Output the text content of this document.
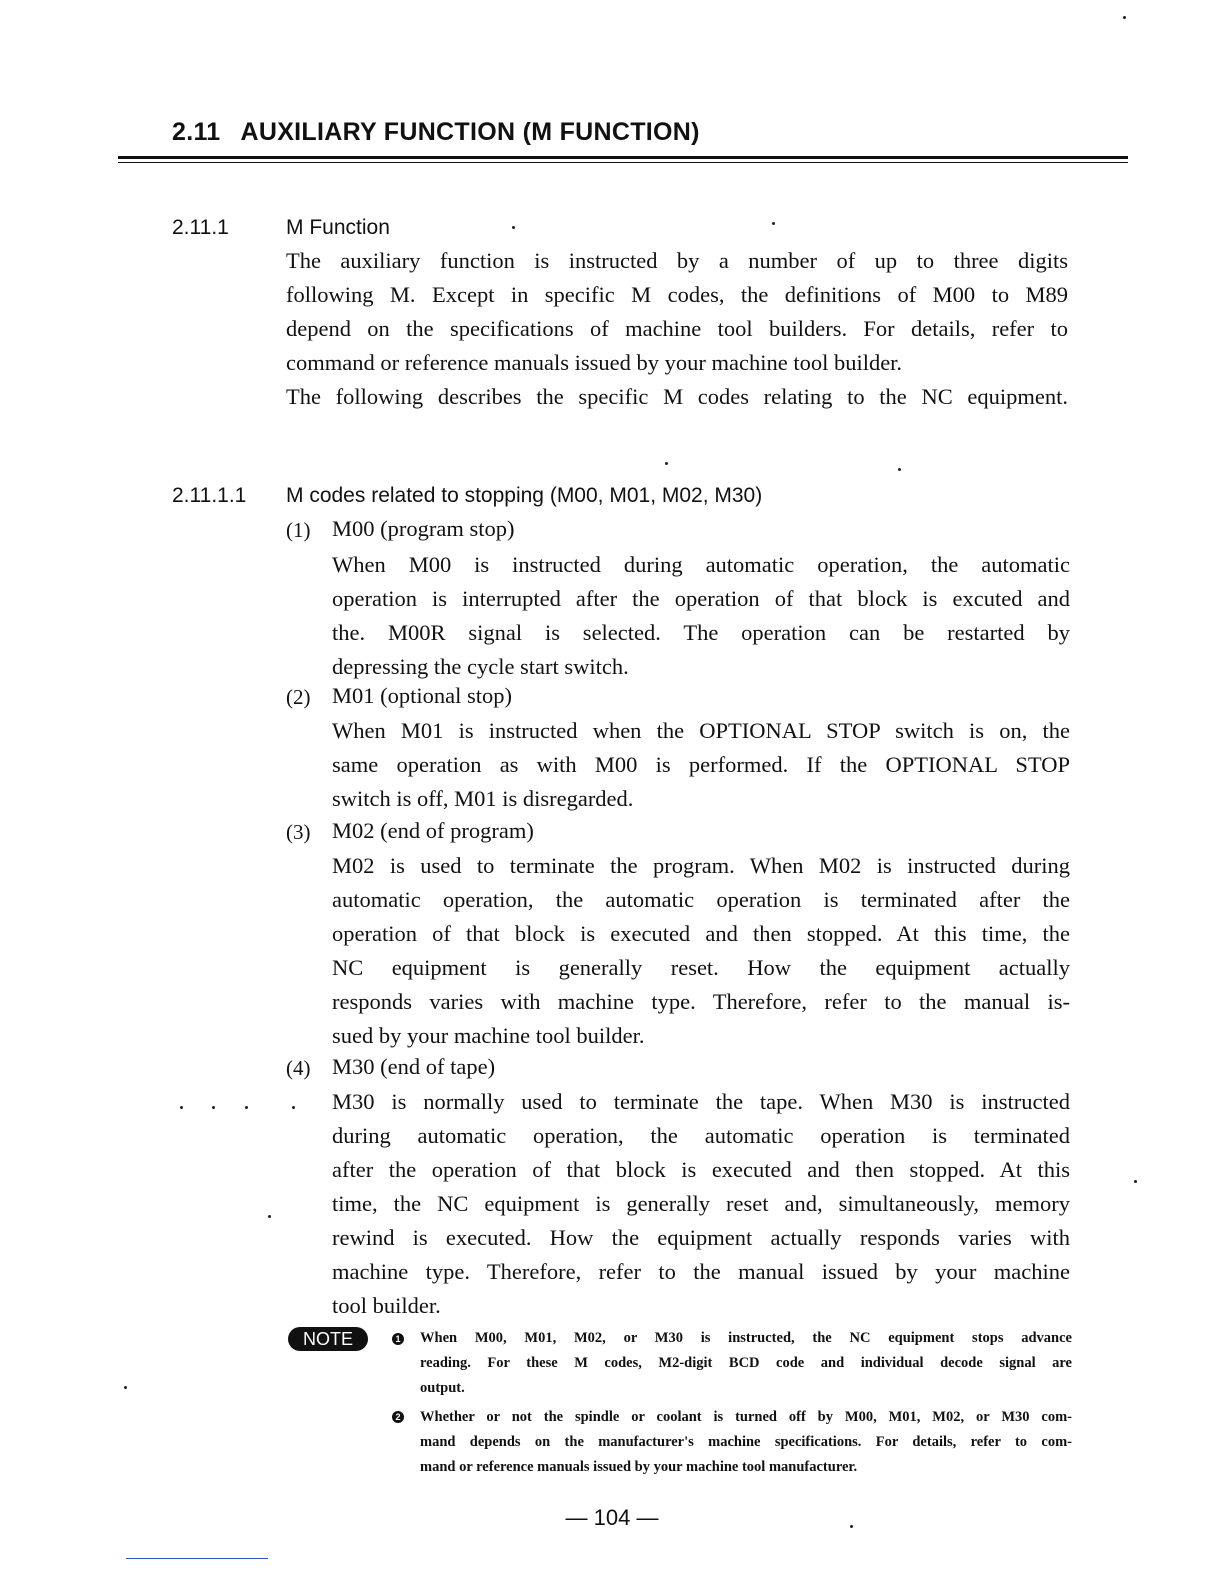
2.11 AUXILIARY FUNCTION (M FUNCTION)
2.11.1	M Function
The auxiliary function is instructed by a number of up to three digits
following M. Except in specific M codes, the definitions of M00 to M89
depend on the specifications of machine tool builders. For details, refer to
command or reference manuals issued by your machine tool builder.
The following describes the specific M codes relating to the NC equipment.
2.11.1.1 M codes related to stopping (M00, M01, M02, M30)
(1) M00 (program stop)
When M00 is instructed during automatic operation, the automatic
operation is interrupted after the operation of that block is excuted and
the. M00R signal is selected. The operation can be restarted by
depressing the cycle start switch.
(2) M01 (optional stop)
When M01 is instructed when the OPTIONAL STOP switch is on, the
same operation as with M00 is performed. If the OPTIONAL STOP
switch is off, M01 is disregarded.
(3) M02 (end of program)
M02 is used to terminate the program. When M02 is instructed during
automatic operation, the automatic operation is terminated after the
operation of that block is executed and then stopped. At this time, the
NC equipment is generally reset. How the equipment actually
responds varies with machine type. Therefore, refer to the manual is-
sued by your machine tool builder.
(4) M30 (end of tape)
M30 is normally used to terminate the tape. When M30 is instructed
during automatic operation, the automatic operation is terminated
after the operation of that block is executed and then stopped. At this
time, the NC equipment is generally reset and, simultaneously, memory
rewind is executed. How the equipment actually responds varies with
machine type. Therefore, refer to the manual issued by your machine
tool builder.
NOTE	1 When M00, M01, M02, or M30 is instructed, the NC equipment stops advance
reading. For these M codes, M2-digit BCD code and individual decode signal are
output.
2 Whether or not the spindle or coolant is turned off by M00, M01, M02, or M30 com-
mand depends on the manufacturer's machine specifications. For details, refer to com-
mand or reference manuals issued by your machine tool manufacturer.
— 104 —
